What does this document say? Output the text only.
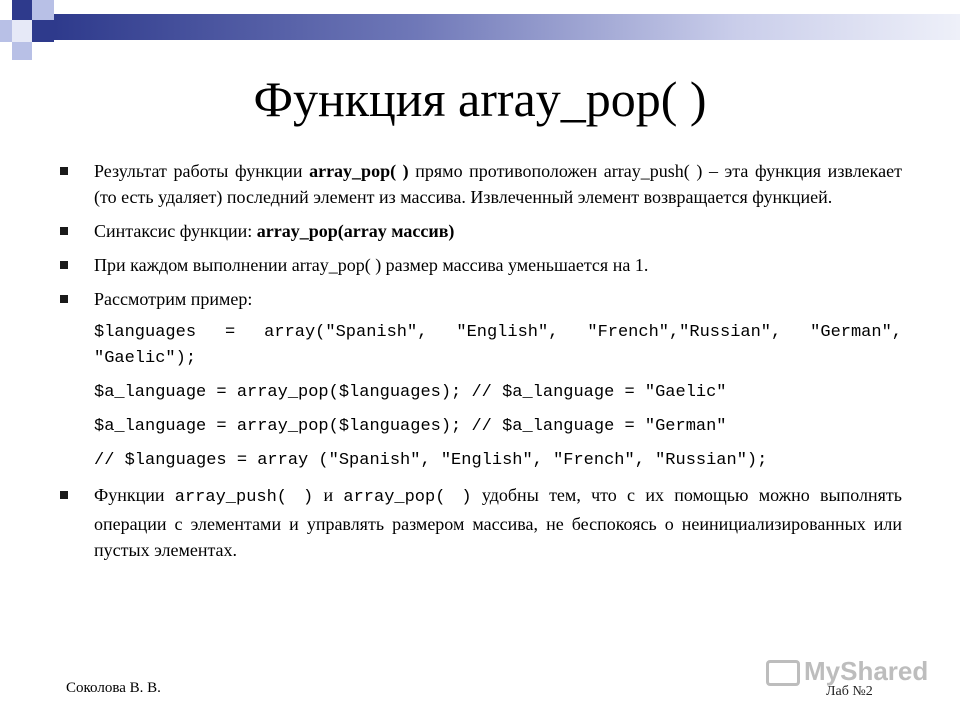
Функция array_pop( )
Результат работы функции array_pop( ) прямо противоположен array_push( ) – эта функция извлекает (то есть удаляет) последний элемент из массива. Извлеченный элемент возвращается функцией.
Синтаксис функции: array_pop(array массив)
При каждом выполнении array_pop( ) размер массива уменьшается на 1.
Рассмотрим пример:
$languages = array("Spanish", "English", "French","Russian", "German", "Gaelic");
$a_language = array_pop($languages); // $a_language = "Gaelic"
$a_language = array_pop($languages); // $a_language = "German"
// $languages = array ("Spanish", "English", "French", "Russian");
Функции array_push( ) и array_pop( ) удобны тем, что с их помощью можно выполнять операции с элементами и управлять размером массива, не беспокоясь о неинициализированных или пустых элементах.
MyShared
Соколова В. В.	Лаб №2
